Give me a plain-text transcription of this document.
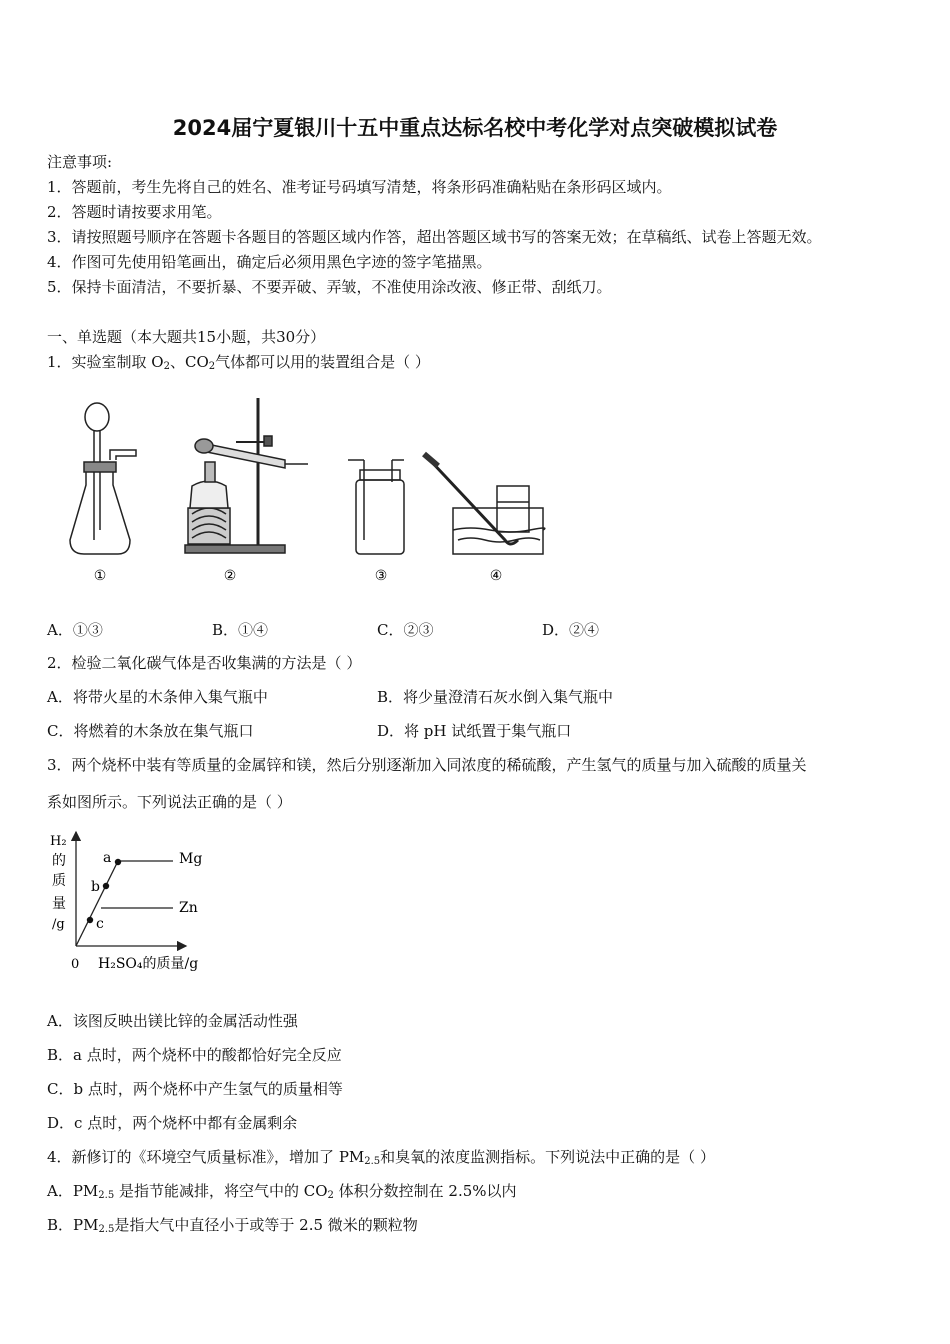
2024届宁夏银川十五中重点达标名校中考化学对点突破模拟试卷
注意事项:
1．答题前，考生先将自己的姓名、准考证号码填写清楚，将条形码准确粘贴在条形码区域内。
2．答题时请按要求用笔。
3．请按照题号顺序在答题卡各题目的答题区域内作答，超出答题区域书写的答案无效；在草稿纸、试卷上答题无效。
4．作图可先使用铅笔画出，确定后必须用黑色字迹的签字笔描黑。
5．保持卡面清洁，不要折暴、不要弄破、弄皱，不准使用涂改液、修正带、刮纸刀。
一、单选题（本大题共15小题，共30分）
1．实验室制取 $O_2$、$CO_2$气体都可以用的装置组合是（ ）
①	②	③	④
A．①③	B．①④	C．②③	D．②④
2．检验二氧化碳气体是否收集满的方法是（ ）
A．将带火星的木条伸入集气瓶中	B．将少量澄清石灰水倒入集气瓶中
C．将燃着的木条放在集气瓶口	D．将 pH 试纸置于集气瓶口
3．两个烧杯中装有等质量的金属锌和镁，然后分别逐渐加入同浓度的稀硫酸，产生氢气的质量与加入硫酸的质量关
系如图所示。下列说法正确的是（ ）
H₂
的
质
量
/g
a
b
c
Mg
Zn
0 H₂SO₄的质量/g
A．该图反映出镁比锌的金属活动性强
B．a 点时，两个烧杯中的酸都恰好完全反应
C．b 点时，两个烧杯中产生氢气的质量相等
D．c 点时，两个烧杯中都有金属剩余
4．新修订的《环境空气质量标准》，增加了 $PM_{2.5}$和臭氧的浓度监测指标。下列说法中正确的是（ ）
A．$PM_{2.5}$ 是指节能减排，将空气中的 $CO_2$ 体积分数控制在 2.5%以内
B．$PM_{2.5}$是指大气中直径小于或等于 2.5 微米的颗粒物
